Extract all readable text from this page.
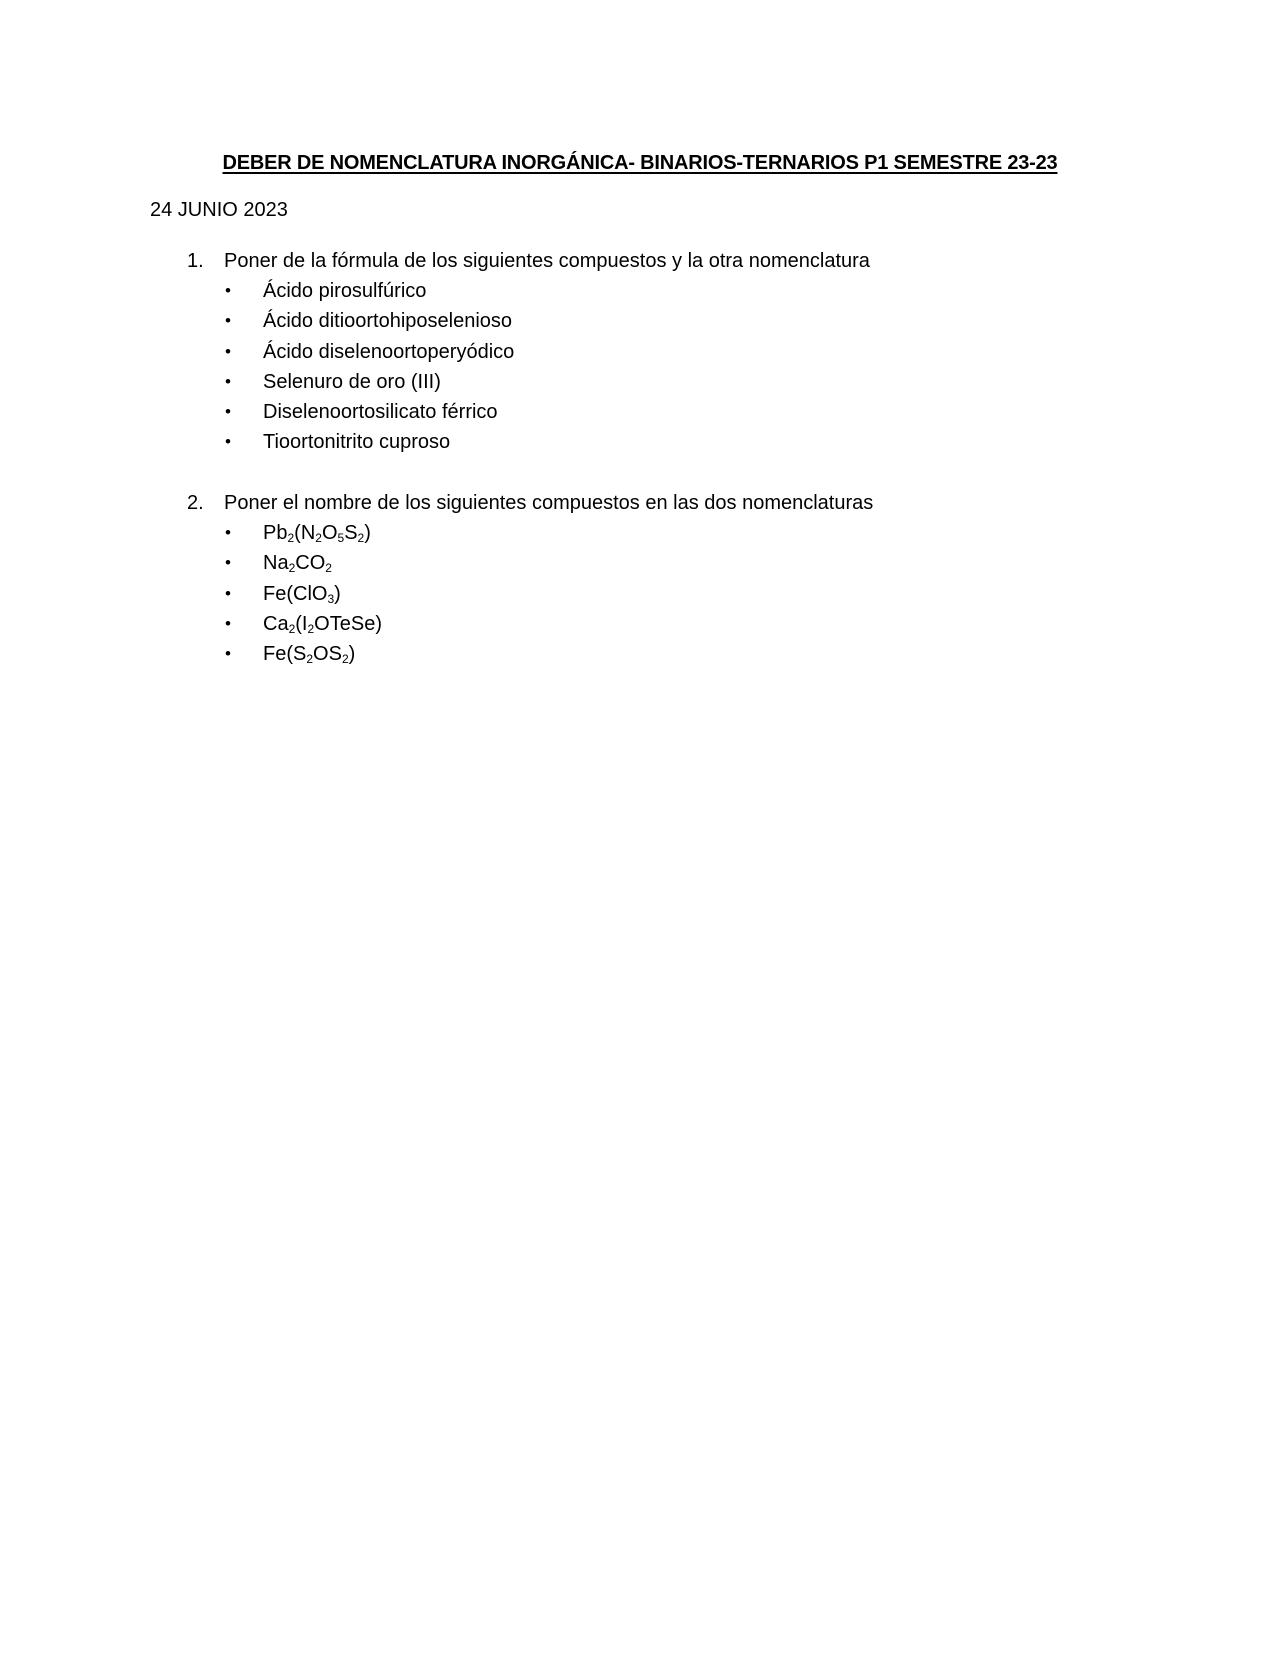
DEBER DE NOMENCLATURA INORGÁNICA- BINARIOS-TERNARIOS P1 SEMESTRE 23-23
24 JUNIO 2023
1.	Poner de la fórmula de los siguientes compuestos y la otra nomenclatura
•	Ácido pirosulfúrico
•	Ácido ditioortohiposelenioso
•	Ácido diselenoortoperyódico
•	Selenuro de oro (III)
•	Diselenoortosilicato férrico
•	Tioortonitrito cuproso
2.	Poner el nombre de los siguientes compuestos en las dos nomenclaturas
•	$Pb_2(N_2O_5S_2)$
•	$Na_2CO_2$
•	Fe(ClO$_3$)
•	$Ca_2(I_2OTeSe)$
•	$Fe(S_2OS_2)$
